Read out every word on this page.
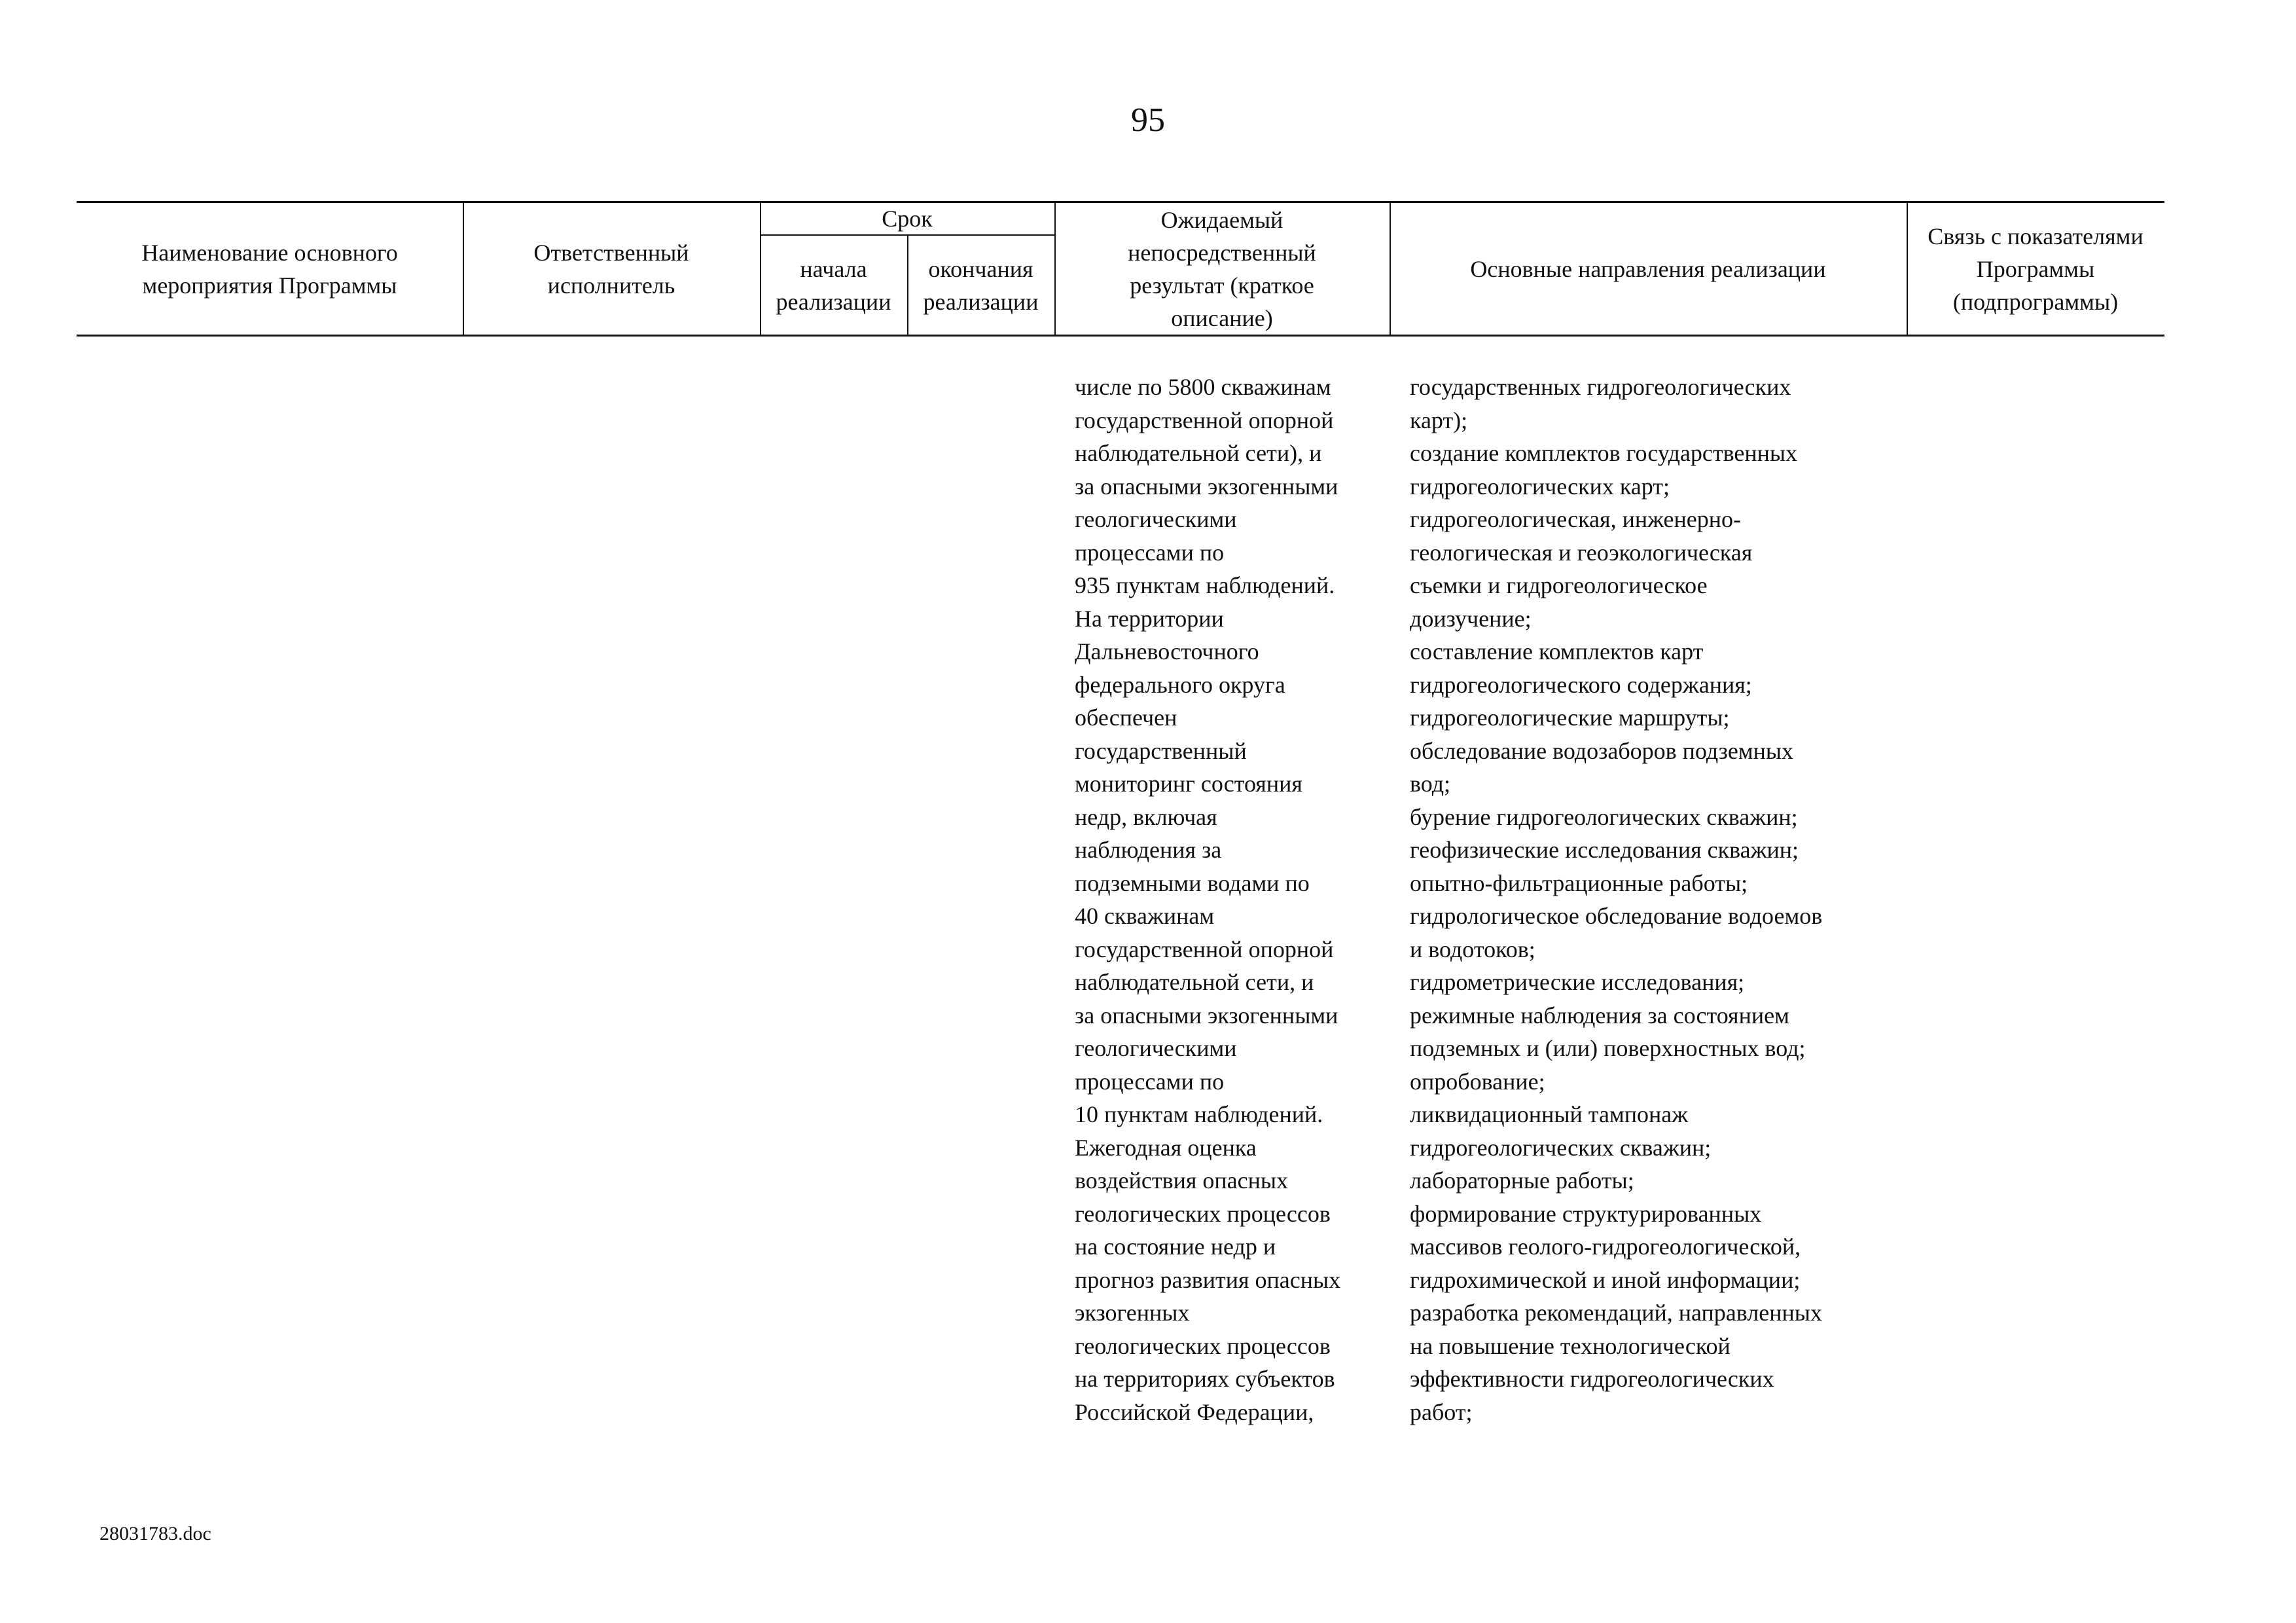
95
Наименование основного
мероприятия Программы
Ответственный
исполнитель
Срок
начала
реализации
окончания
реализации
Ожидаемый
непосредственный
результат (краткое
описание)
Основные направления реализации
Связь с показателями
Программы
(подпрограммы)
числе по 5800 скважинам
государственной опорной
наблюдательной сети), и
за опасными экзогенными
геологическими
процессами по
935 пунктам наблюдений.
На территории
Дальневосточного
федерального округа
обеспечен
государственный
мониторинг состояния
недр, включая
наблюдения за
подземными водами по
40 скважинам
государственной опорной
наблюдательной сети, и
за опасными экзогенными
геологическими
процессами по
10 пунктам наблюдений.
Ежегодная оценка
воздействия опасных
геологических процессов
на состояние недр и
прогноз развития опасных
экзогенных
геологических процессов
на территориях субъектов
Российской Федерации,
государственных гидрогеологических
карт);
создание комплектов государственных
гидрогеологических карт;
гидрогеологическая, инженерно-
геологическая и геоэкологическая
съемки и гидрогеологическое
доизучение;
составление комплектов карт
гидрогеологического содержания;
гидрогеологические маршруты;
обследование водозаборов подземных
вод;
бурение гидрогеологических скважин;
геофизические исследования скважин;
опытно-фильтрационные работы;
гидрологическое обследование водоемов
и водотоков;
гидрометрические исследования;
режимные наблюдения за состоянием
подземных и (или) поверхностных вод;
опробование;
ликвидационный тампонаж
гидрогеологических скважин;
лабораторные работы;
формирование структурированных
массивов геолого-гидрогеологической,
гидрохимической и иной информации;
разработка рекомендаций, направленных
на повышение технологической
эффективности гидрогеологических
работ;
28031783.doc
